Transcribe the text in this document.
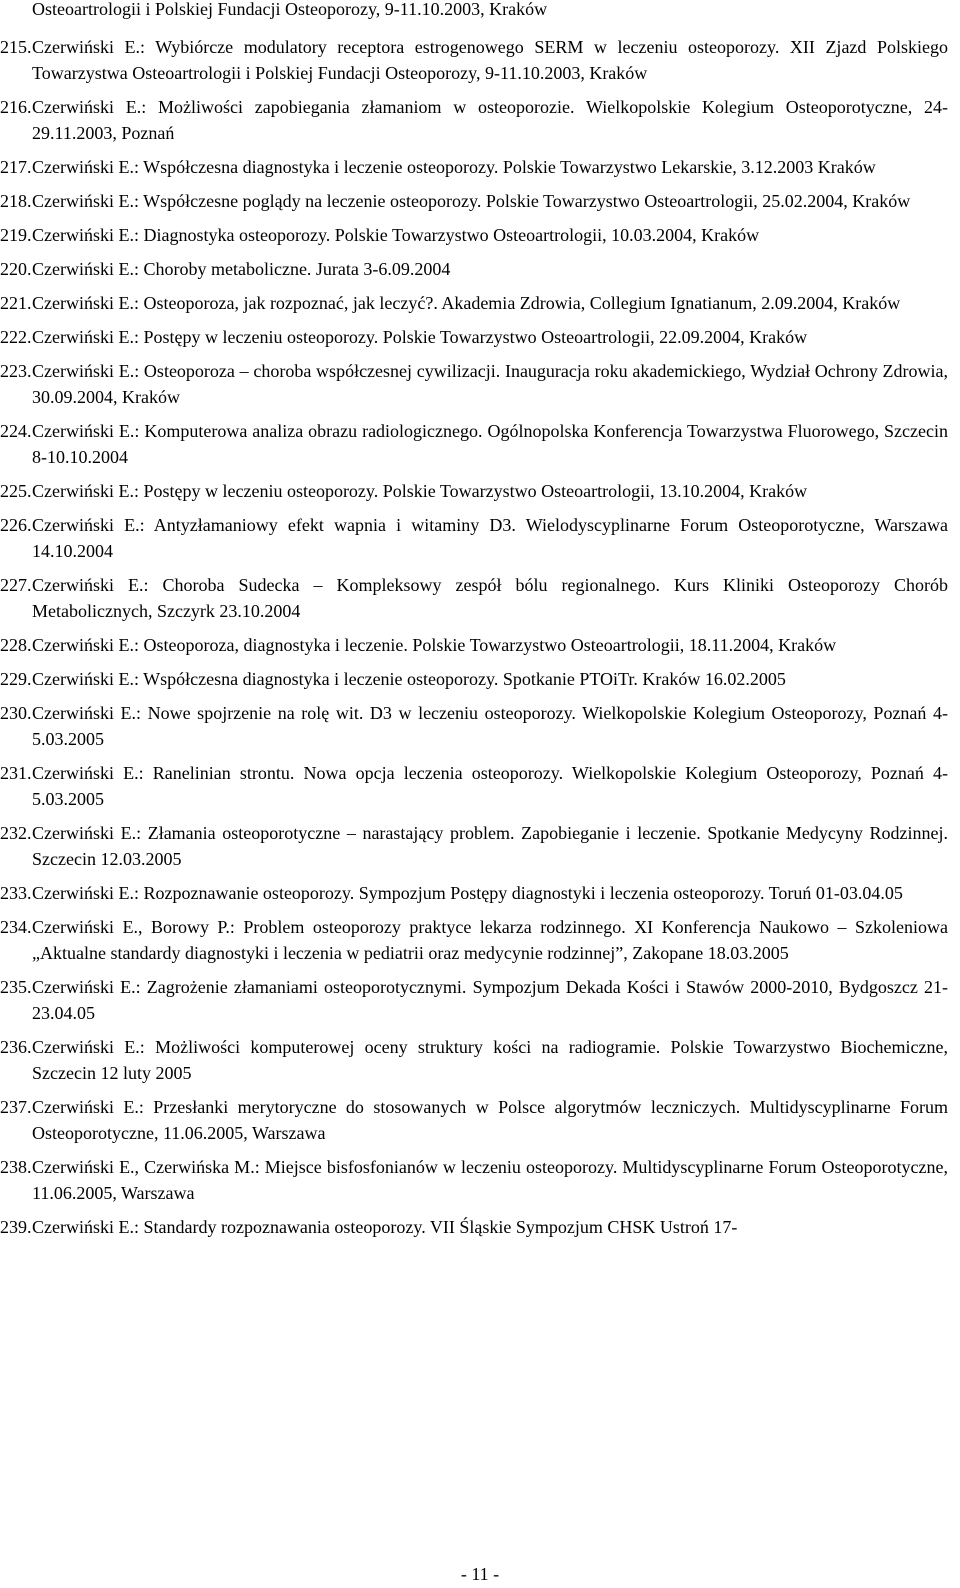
Osteoartrologii i Polskiej Fundacji Osteoporozy, 9-11.10.2003, Kraków

215. Czerwiński E.: Wybiórcze modulatory receptora estrogenowego SERM w leczeniu osteoporozy. XII Zjazd Polskiego Towarzystwa Osteoartrologii i Polskiej Fundacji Osteoporozy, 9-11.10.2003, Kraków
216. Czerwiński E.: Możliwości zapobiegania złamaniom w osteoporozie. Wielkopolskie Kolegium Osteoporotyczne, 24-29.11.2003, Poznań
217. Czerwiński E.: Współczesna diagnostyka i leczenie osteoporozy. Polskie Towarzystwo Lekarskie, 3.12.2003 Kraków
218. Czerwiński E.: Współczesne poglądy na leczenie osteoporozy. Polskie Towarzystwo Osteoartrologii, 25.02.2004, Kraków
219. Czerwiński E.: Diagnostyka osteoporozy. Polskie Towarzystwo Osteoartrologii, 10.03.2004, Kraków
220. Czerwiński E.: Choroby metaboliczne. Jurata 3-6.09.2004
221. Czerwiński E.: Osteoporoza, jak rozpoznać, jak leczyć?. Akademia Zdrowia, Collegium Ignatianum, 2.09.2004, Kraków
222. Czerwiński E.: Postępy w leczeniu osteoporozy. Polskie Towarzystwo Osteoartrologii, 22.09.2004, Kraków
223. Czerwiński E.: Osteoporoza – choroba współczesnej cywilizacji. Inauguracja roku akademickiego, Wydział Ochrony Zdrowia, 30.09.2004, Kraków
224. Czerwiński E.: Komputerowa analiza obrazu radiologicznego. Ogólnopolska Konferencja Towarzystwa Fluorowego, Szczecin 8-10.10.2004
225. Czerwiński E.: Postępy w leczeniu osteoporozy. Polskie Towarzystwo Osteoartrologii, 13.10.2004, Kraków
226. Czerwiński E.: Antyzłamaniowy efekt wapnia i witaminy D3. Wielodyscyplinarne Forum Osteoporotyczne, Warszawa 14.10.2004
227. Czerwiński E.: Choroba Sudecka – Kompleksowy zespół bólu regionalnego. Kurs Kliniki Osteoporozy Chorób Metabolicznych, Szczyrk 23.10.2004
228. Czerwiński E.: Osteoporoza, diagnostyka i leczenie. Polskie Towarzystwo Osteoartrologii, 18.11.2004, Kraków
229. Czerwiński E.: Współczesna diagnostyka i leczenie osteoporozy. Spotkanie PTOiTr. Kraków 16.02.2005
230. Czerwiński E.: Nowe spojrzenie na rolę wit. D3 w leczeniu osteoporozy. Wielkopolskie Kolegium Osteoporozy, Poznań 4-5.03.2005
231. Czerwiński E.: Ranelinian strontu. Nowa opcja leczenia osteoporozy. Wielkopolskie Kolegium Osteoporozy, Poznań 4-5.03.2005
232. Czerwiński E.: Złamania osteoporotyczne – narastający problem. Zapobieganie i leczenie. Spotkanie Medycyny Rodzinnej. Szczecin 12.03.2005
233. Czerwiński E.: Rozpoznawanie osteoporozy. Sympozjum Postępy diagnostyki i leczenia osteoporozy. Toruń 01-03.04.05
234. Czerwiński E., Borowy P.: Problem osteoporozy praktyce lekarza rodzinnego. XI Konferencja Naukowo – Szkoleniowa „Aktualne standardy diagnostyki i leczenia w pediatrii oraz medycynie rodzinnej”, Zakopane 18.03.2005
235. Czerwiński E.: Zagrożenie złamaniami osteoporotycznymi. Sympozjum Dekada Kości i Stawów 2000-2010, Bydgoszcz 21-23.04.05
236. Czerwiński E.: Możliwości komputerowej oceny struktury kości na radiogramie. Polskie Towarzystwo Biochemiczne, Szczecin 12 luty 2005
237. Czerwiński E.: Przesłanki merytoryczne do stosowanych w Polsce algorytmów leczniczych. Multidyscyplinarne Forum Osteoporotyczne, 11.06.2005, Warszawa
238. Czerwiński E., Czerwińska M.: Miejsce bisfosfonianów w leczeniu osteoporozy. Multidyscyplinarne Forum Osteoporotyczne, 11.06.2005, Warszawa
239. Czerwiński E.: Standardy rozpoznawania osteoporozy. VII Śląskie Sympozjum CHSK Ustroń 17-
- 11 -
